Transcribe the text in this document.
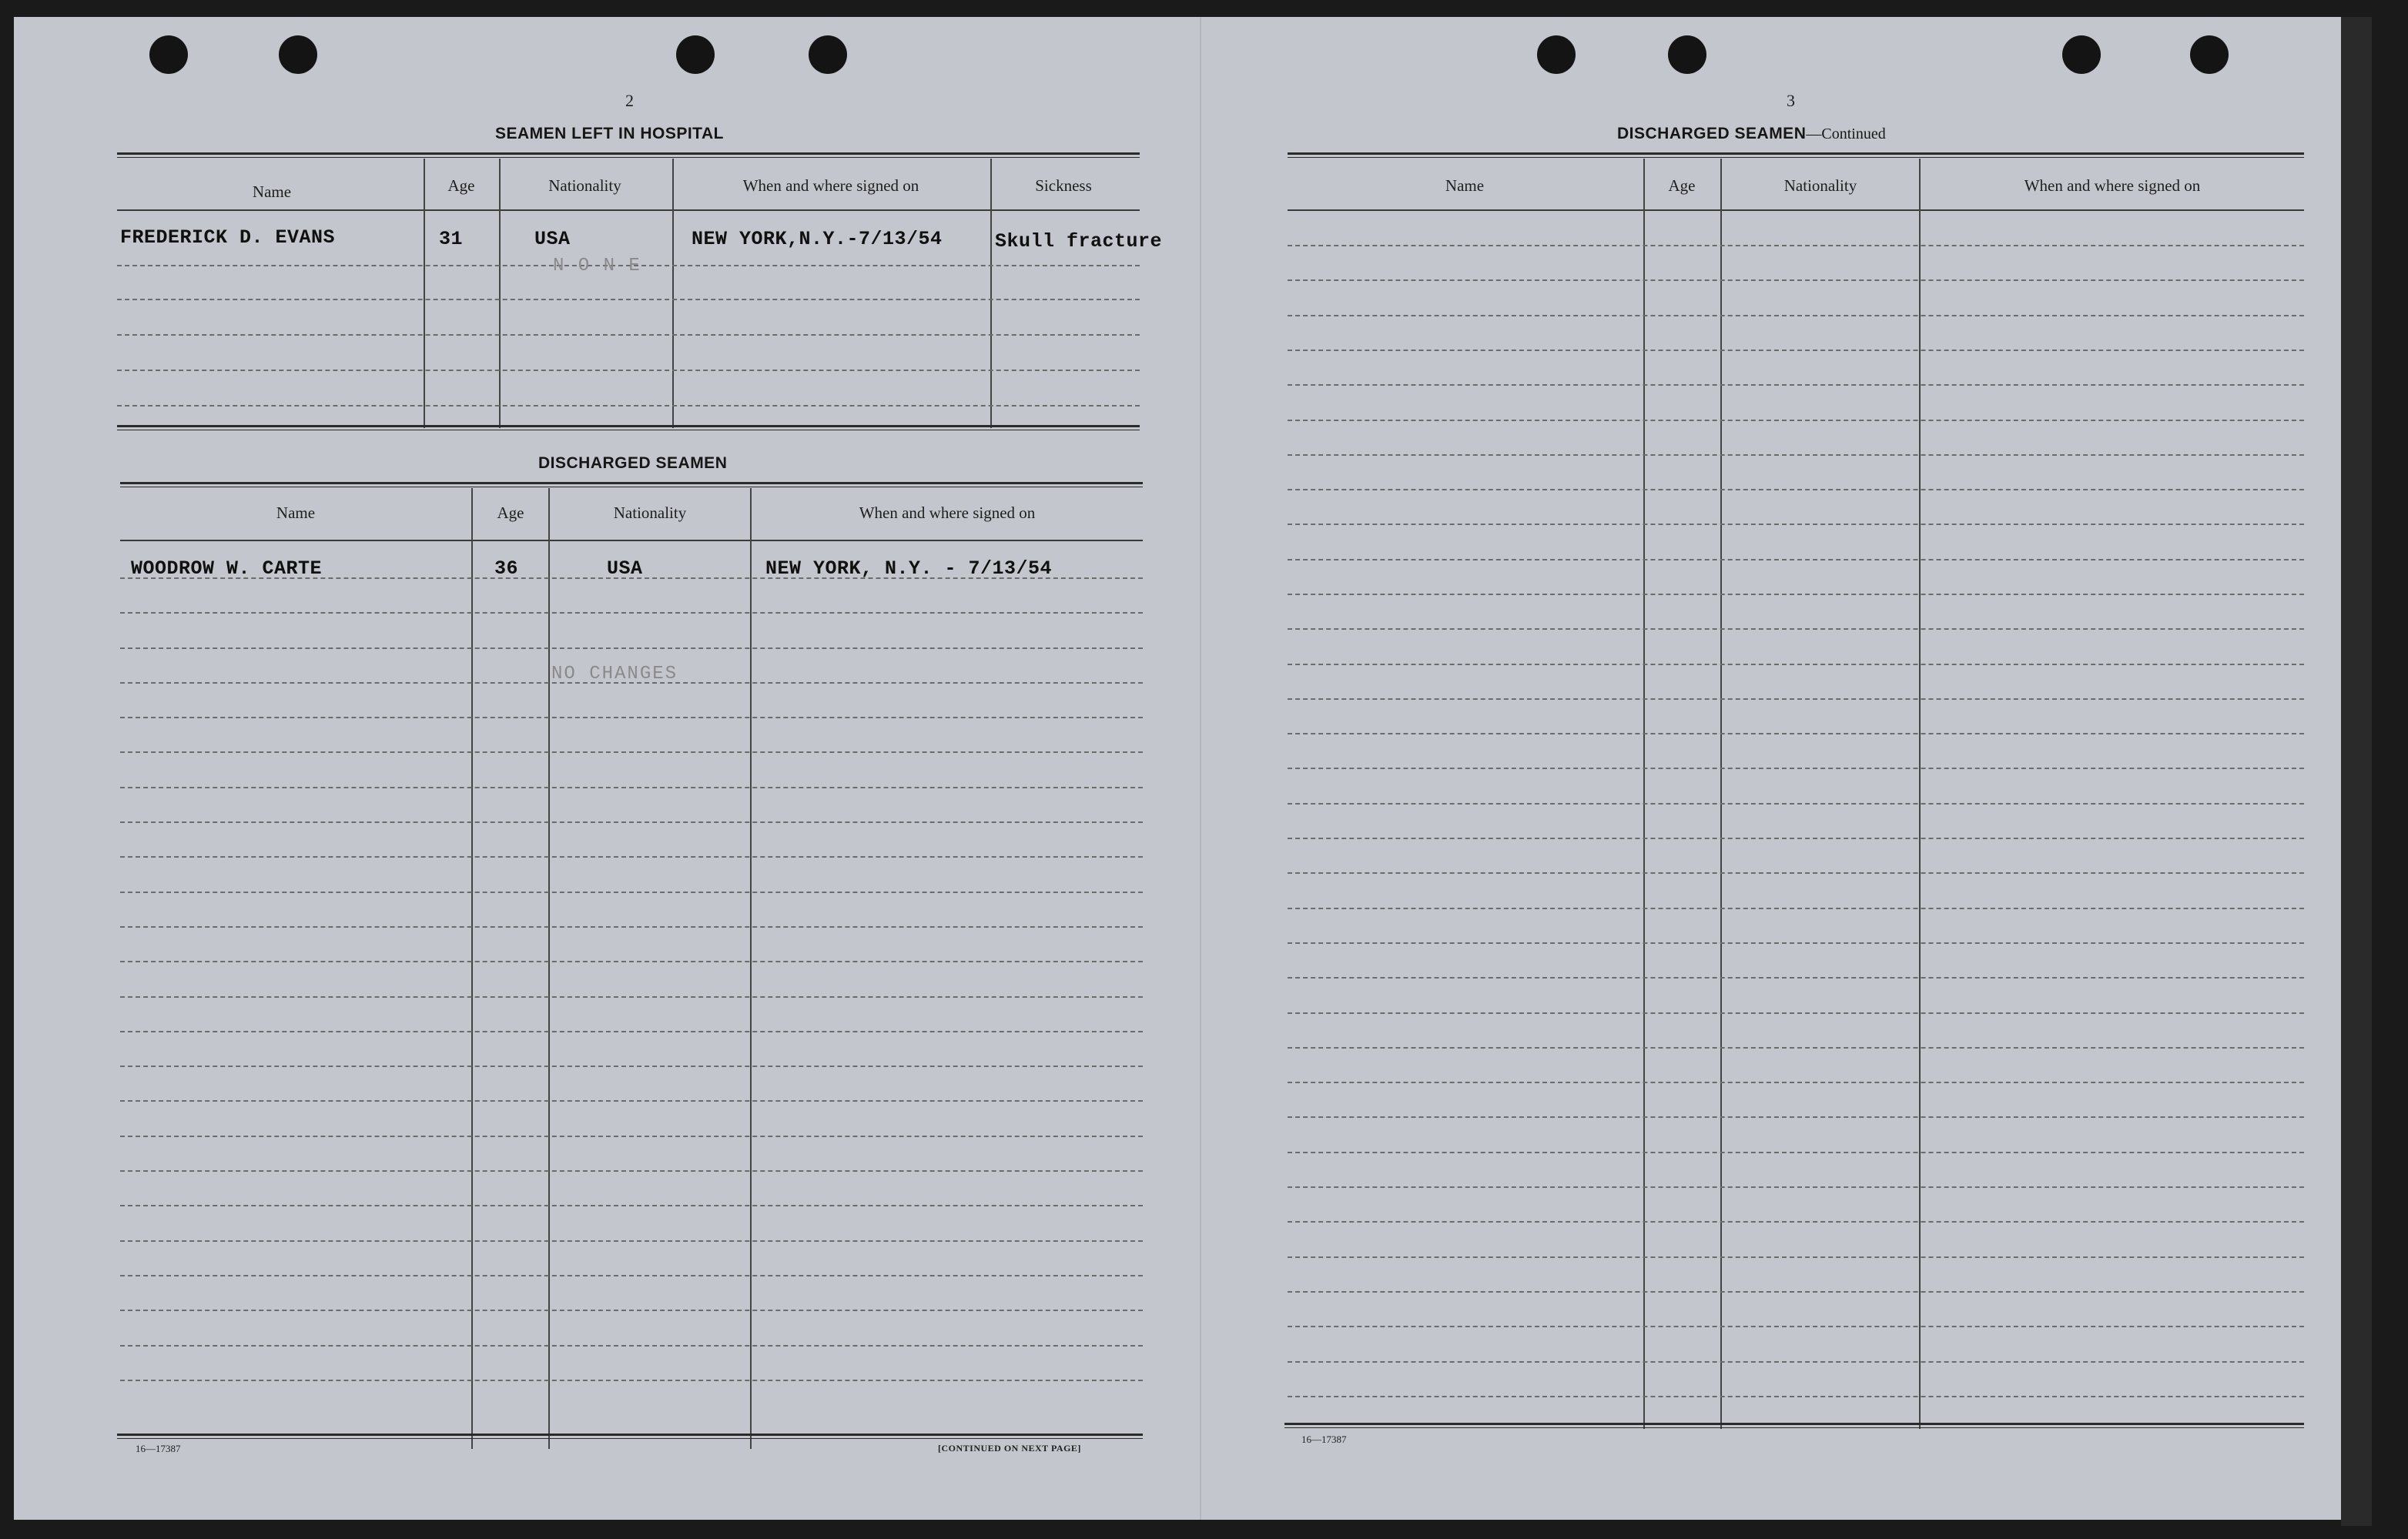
2
SEAMEN LEFT IN HOSPITAL
Name	Age	Nationality	When and where signed on	Sickness
FREDERICK D. EVANS	31	USA	NEW YORK,N.Y.-7/13/54	Skull fracture
N O N E
DISCHARGED SEAMEN
Name	Age	Nationality	When and where signed on
WOODROW W. CARTE	36	USA	NEW YORK, N.Y. - 7/13/54
NO CHANGES
16—17387	[CONTINUED ON NEXT PAGE]
3
DISCHARGED SEAMEN—Continued
Name	Age	Nationality	When and where signed on
16—17387
